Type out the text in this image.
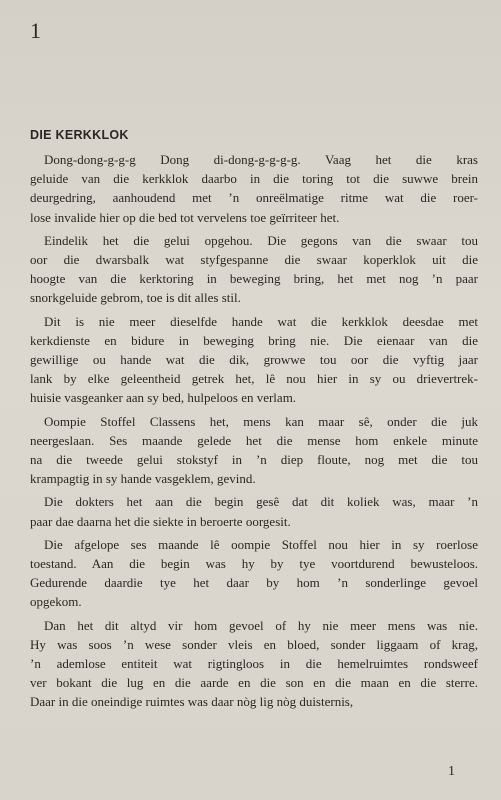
1
DIE KERKKLOK
Dong-dong-g-g-g Dong di-dong-g-g-g-g. Vaag het die kras
geluide van die kerkklok daarbo in die toring tot die suwwe brein
deurgedring, aanhoudend met ’n onreëlmatige ritme wat die roer-
lose invalide hier op die bed tot vervelens toe geïrriteer het.
Eindelik het die gelui opgehou. Die gegons van die swaar tou
oor die dwarsbalk wat styfgespanne die swaar koperklok uit die
hoogte van die kerktoring in beweging bring, het met nog ’n paar
snorkgeluide gebrom, toe is dit alles stil.
Dit is nie meer dieselfde hande wat die kerkklok deesdae met
kerkdienste en bidure in beweging bring nie. Die eienaar van die
gewillige ou hande wat die dik, growwe tou oor die vyftig jaar
lank by elke geleentheid getrek het, lê nou hier in sy ou drievertrek-
huisie vasgeanker aan sy bed, hulpeloos en verlam.
Oompie Stoffel Classens het, mens kan maar sê, onder die juk
neergeslaan. Ses maande gelede het die mense hom enkele minute
na die tweede gelui stokstyf in ’n diep floute, nog met die tou
krampagtig in sy hande vasgeklem, gevind.
Die dokters het aan die begin gesê dat dit koliek was, maar ’n
paar dae daarna het die siekte in beroerte oorgesit.
Die afgelope ses maande lê oompie Stoffel nou hier in sy roerlose
toestand. Aan die begin was hy by tye voortdurend bewusteloos.
Gedurende daardie tye het daar by hom ’n sonderlinge gevoel
opgekom.
Dan het dit altyd vir hom gevoel of hy nie meer mens was nie.
Hy was soos ’n wese sonder vleis en bloed, sonder liggaam of krag,
’n ademlose entiteit wat rigtingloos in die hemelruimtes rondsweef
ver bokant die lug en die aarde en die son en die maan en die sterre.
Daar in die oneindige ruimtes was daar nòg lig nòg duisternis,
1
